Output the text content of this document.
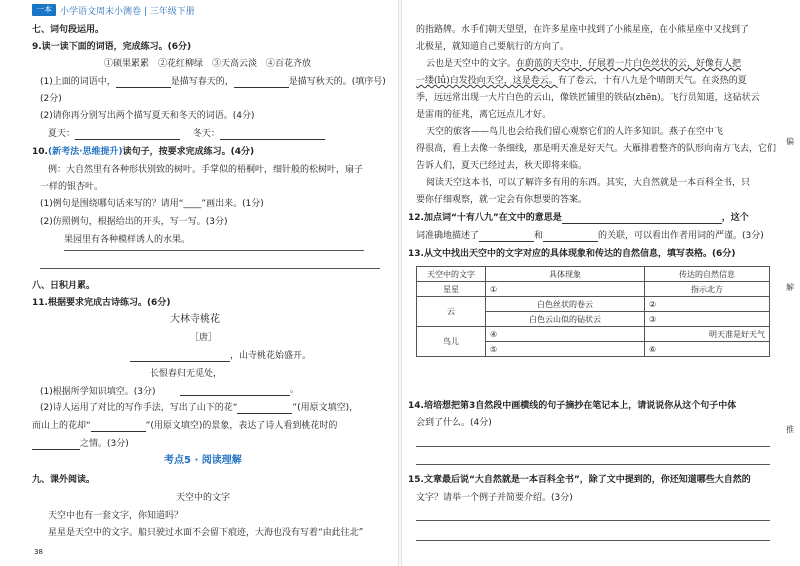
一本 小学语文周末小测卷 | 三年级下册
七、词句段运用。
9.读一读下面的词语，完成练习。(6分)
①硕果累累　②花红柳绿　③天高云淡　④百花齐放
(1)上面的词语中，	是描写春天的，	是描写秋天的。(填序号)
(2分)
(2)请你再分别写出两个描写夏天和冬天的词语。(4分)
夏天：	冬天：
10.(新考法·思维提升)读句子，按要求完成练习。(4分)
例：大自然里有各种形状别致的树叶。手掌似的梧桐叶，细针般的松树叶，扇子
一样的银杏叶。
(1)例句是围绕哪句话来写的？请用“____”画出来。(1分)
(2)仿照例句，根据给出的开头，写一写。(3分)
果园里有各种模样诱人的水果。
八、日积月累。
11.根据要求完成古诗练习。(6分)
大林寺桃花
［唐］
，山寺桃花始盛开。
长恨春归无觅处，
。
(1)根据所学知识填空。(3分)
(2)诗人运用了对比的写作手法，写出了山下的花“	”(用原文填空)，
而山上的花却“	”(用原文填空)的景象，表达了诗人看到桃花时的
之情。(3分)
考点5 · 阅读理解
九、课外阅读。
天空中的文字
天空中也有一套文字，你知道吗？
星星是天空中的文字。船只驶过水面不会留下痕迹，大海也没有写着“由此往北”
38
的指路牌。水手们朝天望望，在许多星座中找到了小熊星座，在小熊星座中又找到了
北极星，就知道自己要航行的方向了。
云也是天空中的文字。在蔚蓝的天空中，仔展着一片白色丝状的云，好像有人把
一缕(lǚ)白发投向天空，这是卷云。有了卷云，十有八九是个晴朗天气。在炎热的夏
季，远远常出现一大片白色的云山，像铁匠铺里的铁砧(zhēn)。飞行员知道，这砧状云
是雷雨的征兆，离它远点儿才好。
天空的旅客——鸟儿也会给我们留心观察它们的人许多知识。燕子在空中飞
得很高，看上去像一条细线，那是明天准是好天气。大雁排着整齐的队形向南方飞去，它们
告诉人们，夏天已经过去，秋天即将来临。
阅读天空这本书，可以了解许多有用的东西。其实，大自然就是一本百科全书，只
要你仔细观察，就一定会有你想要的答案。
12.加点词“十有八九”在文中的意思是	，这个
词准确地描述了	和	的关联，可以看出作者用词的严谨。(3分)
13.从文中找出天空中的文字对应的具体现象和传达的自然信息，填写表格。(6分)
天空中的文字	具体现象	传达的自然信息
星星	①	指示北方
云	白色丝状的卷云	②
	白色云山似的砧状云	③
鸟儿	④	明天准是好天气
	⑤	⑥
14.培培想把第3自然段中画横线的句子摘抄在笔记本上，请说说你从这个句子中体
会到了什么。(4分)
15.文章最后说“大自然就是一本百科全书”，除了文中提到的，你还知道哪些大自然的
文字？请举一个例子并简要介绍。(3分)
偏
解
推
